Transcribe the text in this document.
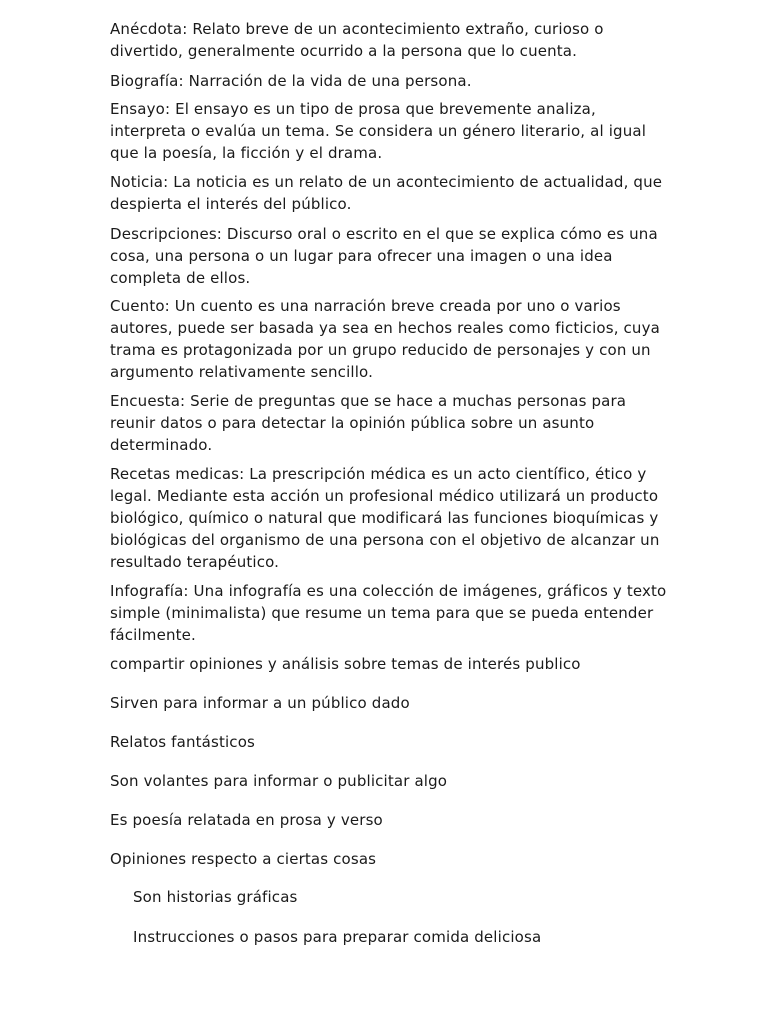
Anécdota: Relato breve de un acontecimiento extraño, curioso o divertido, generalmente ocurrido a la persona que lo cuenta.

Biografía: Narración de la vida de una persona.

Ensayo: El ensayo es un tipo de prosa que brevemente analiza, interpreta o evalúa un tema. Se considera un género literario, al igual que la poesía, la ficción y el drama.

Noticia: La noticia es un relato de un acontecimiento de actualidad, que despierta el interés del público.

Descripciones: Discurso oral o escrito en el que se explica cómo es una cosa, una persona o un lugar para ofrecer una imagen o una idea completa de ellos.

Cuento: Un cuento es una narración breve creada por uno o varios autores, puede ser basada ya sea en hechos reales como ficticios, cuya trama es protagonizada por un grupo reducido de personajes y con un argumento relativamente sencillo.

Encuesta: Serie de preguntas que se hace a muchas personas para reunir datos o para detectar la opinión pública sobre un asunto determinado.

Recetas medicas: La prescripción médica es un acto científico, ético y legal. Mediante esta acción un profesional médico utilizará un producto biológico, químico o natural que modificará las funciones bioquímicas y biológicas del organismo de una persona con el objetivo de alcanzar un resultado terapéutico.

Infografía: Una infografía es una colección de imágenes, gráficos y texto simple (minimalista) que resume un tema para que se pueda entender fácilmente.

compartir opiniones y análisis sobre temas de interés publico

Sirven para informar a un público dado

Relatos fantásticos

Son volantes para informar o publicitar algo

Es poesía relatada en prosa y verso

Opiniones respecto a ciertas cosas

Son historias gráficas

Instrucciones o pasos para preparar comida deliciosa
